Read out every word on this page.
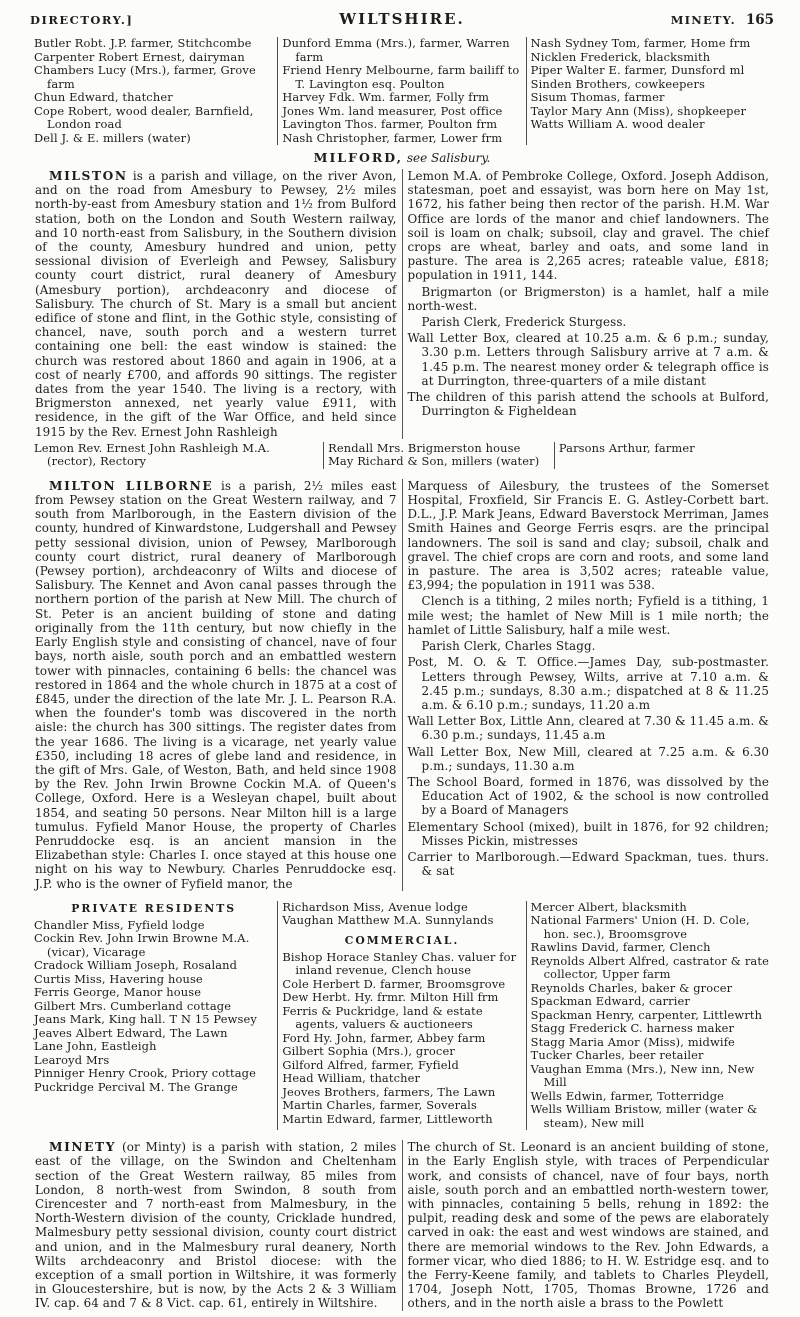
DIRECTORY.]	WILTSHIRE.	MINETY. 165
Butler Robt. J.P. farmer, Stitchcombe
Carpenter Robert Ernest, dairyman
Chambers Lucy (Mrs.), farmer, Grove farm
Chun Edward, thatcher
Cope Robert, wood dealer, Barnfield, London road
Dell J. & E. millers (water)
Dunford Emma (Mrs.), farmer, Warren farm
Friend Henry Melbourne, farm bailiff to T. Lavington esq. Poulton
Harvey Fdk. Wm. farmer, Folly frm
Jones Wm. land measurer, Post office
Lavington Thos. farmer, Poulton frm
Nash Christopher, farmer, Lower frm
Nash Sydney Tom, farmer, Home frm
Nicklen Frederick, blacksmith
Piper Walter E. farmer, Dunsford ml
Sinden Brothers, cowkeepers
Sisum Thomas, farmer
Taylor Mary Ann (Miss), shopkeeper
Watts William A. wood dealer
MILFORD, see Salisbury.

MILSTON is a parish and village, on the river Avon, and on the road from Amesbury to Pewsey, 2½ miles north-by-east from Amesbury station and 1½ from Bulford station, both on the London and South Western railway, and 10 north-east from Salisbury, in the Southern division of the county, Amesbury hundred and union, petty sessional division of Everleigh and Pewsey, Salisbury county court district, rural deanery of Amesbury (Amesbury portion), archdeaconry and diocese of Salisbury. The church of St. Mary is a small but ancient edifice of stone and flint, in the Gothic style, consisting of chancel, nave, south porch and a western turret containing one bell: the east window is stained: the church was restored about 1860 and again in 1906, at a cost of nearly £700, and affords 90 sittings. The register dates from the year 1540. The living is a rectory, with Brigmerston annexed, net yearly value £911, with residence, in the gift of the War Office, and held since 1915 by the Rev. Ernest John Rashleigh

Lemon M.A. of Pembroke College, Oxford. Joseph Addison, statesman, poet and essayist, was born here on May 1st, 1672, his father being then rector of the parish. H.M. War Office are lords of the manor and chief landowners. The soil is loam on chalk; subsoil, clay and gravel. The chief crops are wheat, barley and oats, and some land in pasture. The area is 2,265 acres; rateable value, £818; population in 1911, 144.

Brigmarton (or Brigmerston) is a hamlet, half a mile north-west.

Parish Clerk, Frederick Sturgess.

Wall Letter Box, cleared at 10.25 a.m. & 6 p.m.; sunday, 3.30 p.m. Letters through Salisbury arrive at 7 a.m. & 1.45 p.m. The nearest money order & telegraph office is at Durrington, three-quarters of a mile distant

The children of this parish attend the schools at Bulford, Durrington & Figheldean

Lemon Rev. Ernest John Rashleigh M.A. (rector), Rectory
Rendall Mrs. Brigmerston house
May Richard & Son, millers (water)
Parsons Arthur, farmer

MILTON LILBORNE is a parish, 2½ miles east from Pewsey station on the Great Western railway, and 7 south from Marlborough, in the Eastern division of the county, hundred of Kinwardstone, Ludgershall and Pewsey petty sessional division, union of Pewsey, Marlborough county court district, rural deanery of Marlborough (Pewsey portion), archdeaconry of Wilts and diocese of Salisbury. The Kennet and Avon canal passes through the northern portion of the parish at New Mill. The church of St. Peter is an ancient building of stone and dating originally from the 11th century, but now chiefly in the Early English style and consisting of chancel, nave of four bays, north aisle, south porch and an embattled western tower with pinnacles, containing 6 bells: the chancel was restored in 1864 and the whole church in 1875 at a cost of £845, under the direction of the late Mr. J. L. Pearson R.A. when the founder's tomb was discovered in the north aisle: the church has 300 sittings. The register dates from the year 1686. The living is a vicarage, net yearly value £350, including 18 acres of glebe land and residence, in the gift of Mrs. Gale, of Weston, Bath, and held since 1908 by the Rev. John Irwin Browne Cockin M.A. of Queen's College, Oxford. Here is a Wesleyan chapel, built about 1854, and seating 50 persons. Near Milton hill is a large tumulus. Fyfield Manor House, the property of Charles Penruddocke esq. is an ancient mansion in the Elizabethan style: Charles I. once stayed at this house one night on his way to Newbury. Charles Penruddocke esq. J.P. who is the owner of Fyfield manor, the

Marquess of Ailesbury, the trustees of the Somerset Hospital, Froxfield, Sir Francis E. G. Astley-Corbett bart. D.L., J.P. Mark Jeans, Edward Baverstock Merriman, James Smith Haines and George Ferris esqrs. are the principal landowners. The soil is sand and clay; subsoil, chalk and gravel. The chief crops are corn and roots, and some land in pasture. The area is 3,502 acres; rateable value, £3,994; the population in 1911 was 538.

Clench is a tithing, 2 miles north; Fyfield is a tithing, 1 mile west; the hamlet of New Mill is 1 mile north; the hamlet of Little Salisbury, half a mile west.

Parish Clerk, Charles Stagg.

Post, M. O. & T. Office.—James Day, sub-postmaster. Letters through Pewsey, Wilts, arrive at 7.10 a.m. & 2.45 p.m.; sundays, 8.30 a.m.; dispatched at 8 & 11.25 a.m. & 6.10 p.m.; sundays, 11.20 a.m

Wall Letter Box, Little Ann, cleared at 7.30 & 11.45 a.m. & 6.30 p.m.; sundays, 11.45 a.m

Wall Letter Box, New Mill, cleared at 7.25 a.m. & 6.30 p.m.; sundays, 11.30 a.m

The School Board, formed in 1876, was dissolved by the Education Act of 1902, & the school is now controlled by a Board of Managers

Elementary School (mixed), built in 1876, for 92 children; Misses Pickin, mistresses

Carrier to Marlborough.—Edward Spackman, tues. thurs. & sat

PRIVATE RESIDENTS
Chandler Miss, Fyfield lodge
Cockin Rev. John Irwin Browne M.A. (vicar), Vicarage
Cradock William Joseph, Rosaland
Curtis Miss, Havering house
Ferris George, Manor house
Gilbert Mrs. Cumberland cottage
Jeans Mark, King hall. T N 15 Pewsey
Jeaves Albert Edward, The Lawn
Lane John, Eastleigh
Learoyd Mrs
Pinniger Henry Crook, Priory cottage
Puckridge Percival M. The Grange
Richardson Miss, Avenue lodge
Vaughan Matthew M.A. Sunnylands
COMMERCIAL.
Bishop Horace Stanley Chas. valuer for inland revenue, Clench house
Cole Herbert D. farmer, Broomsgrove
Dew Herbt. Hy. frmr. Milton Hill frm
Ferris & Puckridge, land & estate agents, valuers & auctioneers
Ford Hy. John, farmer, Abbey farm
Gilbert Sophia (Mrs.), grocer
Gilford Alfred, farmer, Fyfield
Head William, thatcher
Jeoves Brothers, farmers, The Lawn
Martin Charles, farmer, Soverals
Martin Edward, farmer, Littleworth
Mercer Albert, blacksmith
National Farmers' Union (H. D. Cole, hon. sec.), Broomsgrove
Rawlins David, farmer, Clench
Reynolds Albert Alfred, castrator & rate collector, Upper farm
Reynolds Charles, baker & grocer
Spackman Edward, carrier
Spackman Henry, carpenter, Littlewrth
Stagg Frederick C. harness maker
Stagg Maria Amor (Miss), midwife
Tucker Charles, beer retailer
Vaughan Emma (Mrs.), New inn, New Mill
Wells Edwin, farmer, Totterridge
Wells William Bristow, miller (water & steam), New mill

MINETY (or Minty) is a parish with station, 2 miles east of the village, on the Swindon and Cheltenham section of the Great Western railway, 85 miles from London, 8 north-west from Swindon, 8 south from Cirencester and 7 north-east from Malmesbury, in the North-Western division of the county, Cricklade hundred, Malmesbury petty sessional division, county court district and union, and in the Malmesbury rural deanery, North Wilts archdeaconry and Bristol diocese: with the exception of a small portion in Wiltshire, it was formerly in Gloucestershire, but is now, by the Acts 2 & 3 William IV. cap. 64 and 7 & 8 Vict. cap. 61, entirely in Wiltshire.

The church of St. Leonard is an ancient building of stone, in the Early English style, with traces of Perpendicular work, and consists of chancel, nave of four bays, north aisle, south porch and an embattled north-western tower, with pinnacles, containing 5 bells, rehung in 1892: the pulpit, reading desk and some of the pews are elaborately carved in oak: the east and west windows are stained, and there are memorial windows to the Rev. John Edwards, a former vicar, who died 1886; to H. W. Estridge esq. and to the Ferry-Keene family, and tablets to Charles Pleydell, 1704, Joseph Nott, 1705, Thomas Browne, 1726 and others, and in the north aisle a brass to the Powlett
